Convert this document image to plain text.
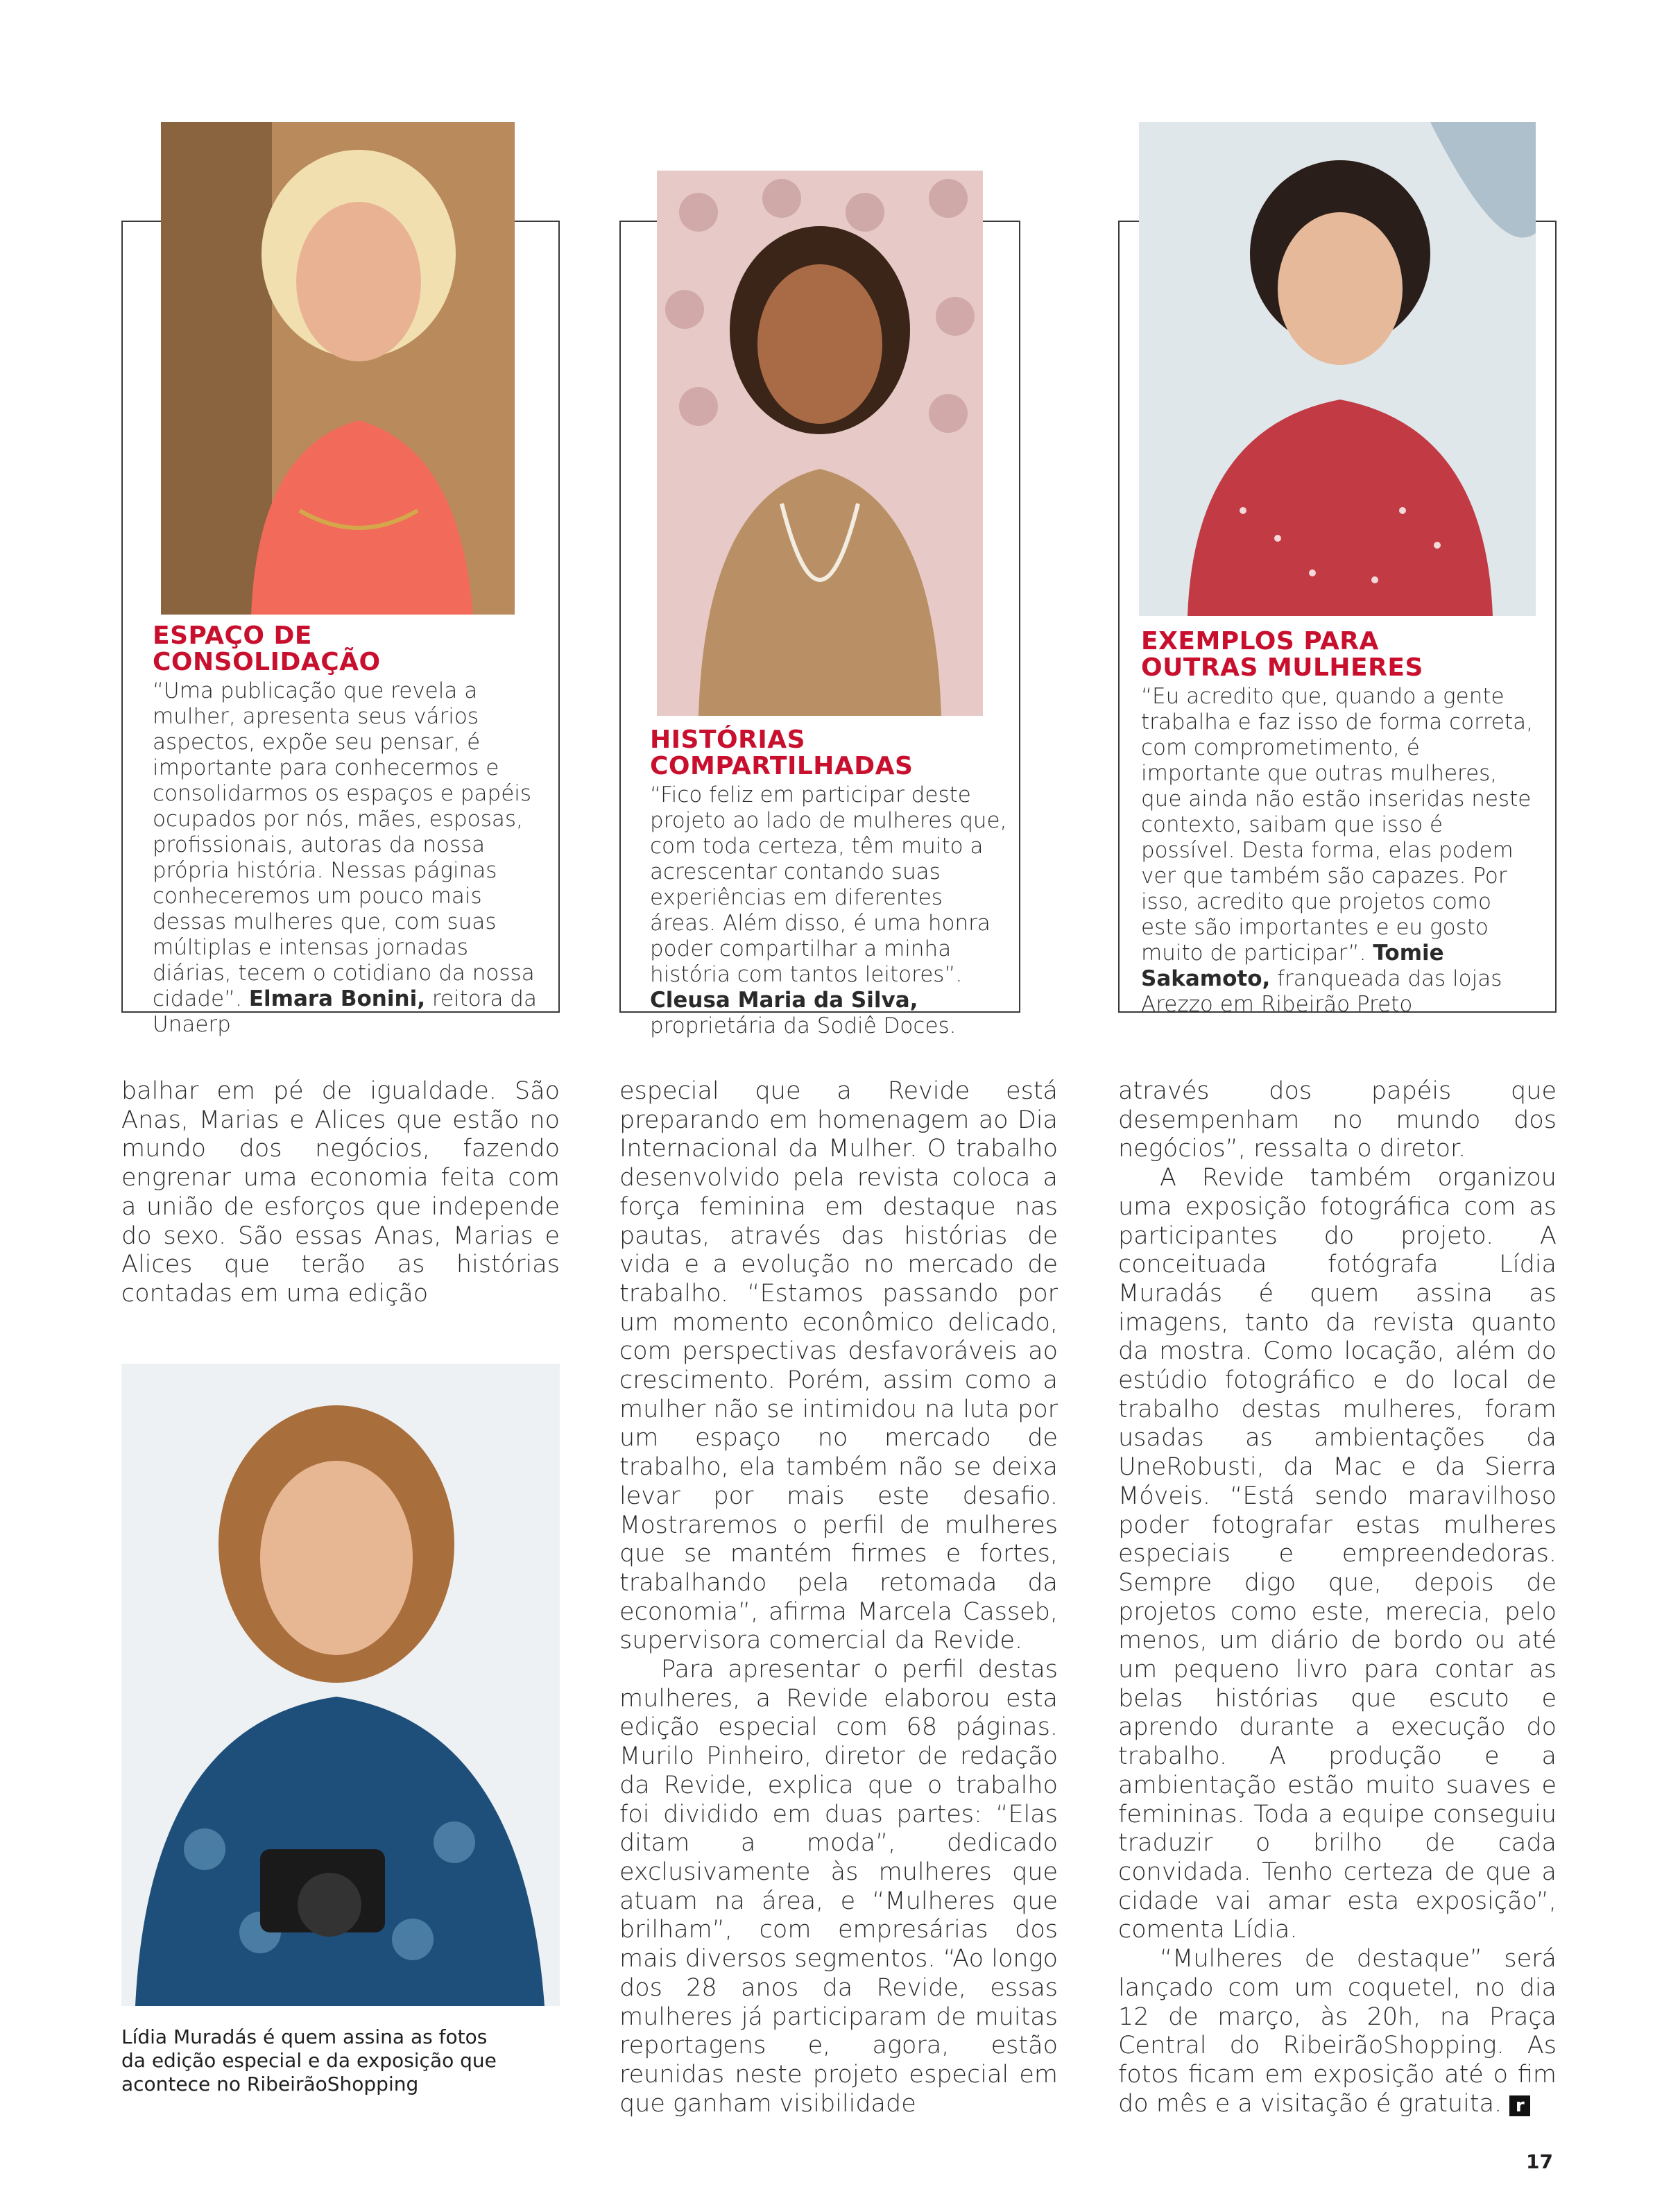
ESPAÇO DE CONSOLIDAÇÃO

“Uma publicação que revela a mulher, apresenta seus vários aspectos, expõe seu pensar, é importante para conhecermos e consolidarmos os espaços e papéis ocupados por nós, mães, esposas, profissionais, autoras da nossa própria história. Nessas páginas conheceremos um pouco mais dessas mulheres que, com suas múltiplas e intensas jornadas diárias, tecem o cotidiano da nossa cidade”. Elmara Bonini, reitora da Unaerp

HISTÓRIAS COMPARTILHADAS

“Fico feliz em participar deste projeto ao lado de mulheres que, com toda certeza, têm muito a acrescentar contando suas experiências em diferentes áreas. Além disso, é uma honra poder compartilhar a minha história com tantos leitores”. Cleusa Maria da Silva, proprietária da Sodiê Doces.

EXEMPLOS PARA
OUTRAS MULHERES

“Eu acredito que, quando a gente trabalha e faz isso de forma correta, com comprometimento, é importante que outras mulheres, que ainda não estão inseridas neste contexto, saibam que isso é possível. Desta forma, elas podem ver que também são capazes. Por isso, acredito que projetos como este são importantes e eu gosto muito de participar”. Tomie Sakamoto, franqueada das lojas Arezzo em Ribeirão Preto

balhar em pé de igualdade. São Anas, Marias e Alices que estão no mundo dos negócios, fazendo engrenar uma economia feita com a união de esforços que independe do sexo. São essas Anas, Marias e Alices que terão as histórias contadas em uma edição

Lídia Muradás é quem assina as fotos da edição especial e da exposição que acontece no RibeirãoShopping

especial que a Revide está preparando em homenagem ao Dia Internacional da Mulher. O trabalho desenvolvido pela revista coloca a força feminina em destaque nas pautas, através das histórias de vida e a evolução no mercado de trabalho. “Estamos passando por um momento econômico delicado, com perspectivas desfavoráveis ao crescimento. Porém, assim como a mulher não se intimidou na luta por um espaço no mercado de trabalho, ela também não se deixa levar por mais este desafio. Mostraremos o perfil de mulheres que se mantém firmes e fortes, trabalhando pela retomada da economia”, afirma Marcela Casseb, supervisora comercial da Revide.

Para apresentar o perfil destas mulheres, a Revide elaborou esta edição especial com 68 páginas. Murilo Pinheiro, diretor de redação da Revide, explica que o trabalho foi dividido em duas partes: “Elas ditam a moda”, dedicado exclusivamente às mulheres que atuam na área, e “Mulheres que brilham”, com empresárias dos mais diversos segmentos. “Ao longo dos 28 anos da Revide, essas mulheres já participaram de muitas reportagens e, agora, estão reunidas neste projeto especial em que ganham visibilidade

através dos papéis que desempenham no mundo dos negócios”, ressalta o diretor.

A Revide também organizou uma exposição fotográfica com as participantes do projeto. A conceituada fotógrafa Lídia Muradás é quem assina as imagens, tanto da revista quanto da mostra. Como locação, além do estúdio fotográfico e do local de trabalho destas mulheres, foram usadas as ambientações da UneRobusti, da Mac e da Sierra Móveis. “Está sendo maravilhoso poder fotografar estas mulheres especiais e empreendedoras. Sempre digo que, depois de projetos como este, merecia, pelo menos, um diário de bordo ou até um pequeno livro para contar as belas histórias que escuto e aprendo durante a execução do trabalho. A produção e a ambientação estão muito suaves e femininas. Toda a equipe conseguiu traduzir o brilho de cada convidada. Tenho certeza de que a cidade vai amar esta exposição”, comenta Lídia.

“Mulheres de destaque” será lançado com um coquetel, no dia 12 de março, às 20h, na Praça Central do RibeirãoShopping. As fotos ficam em exposição até o fim do mês e a visitação é gratuita. r

17
